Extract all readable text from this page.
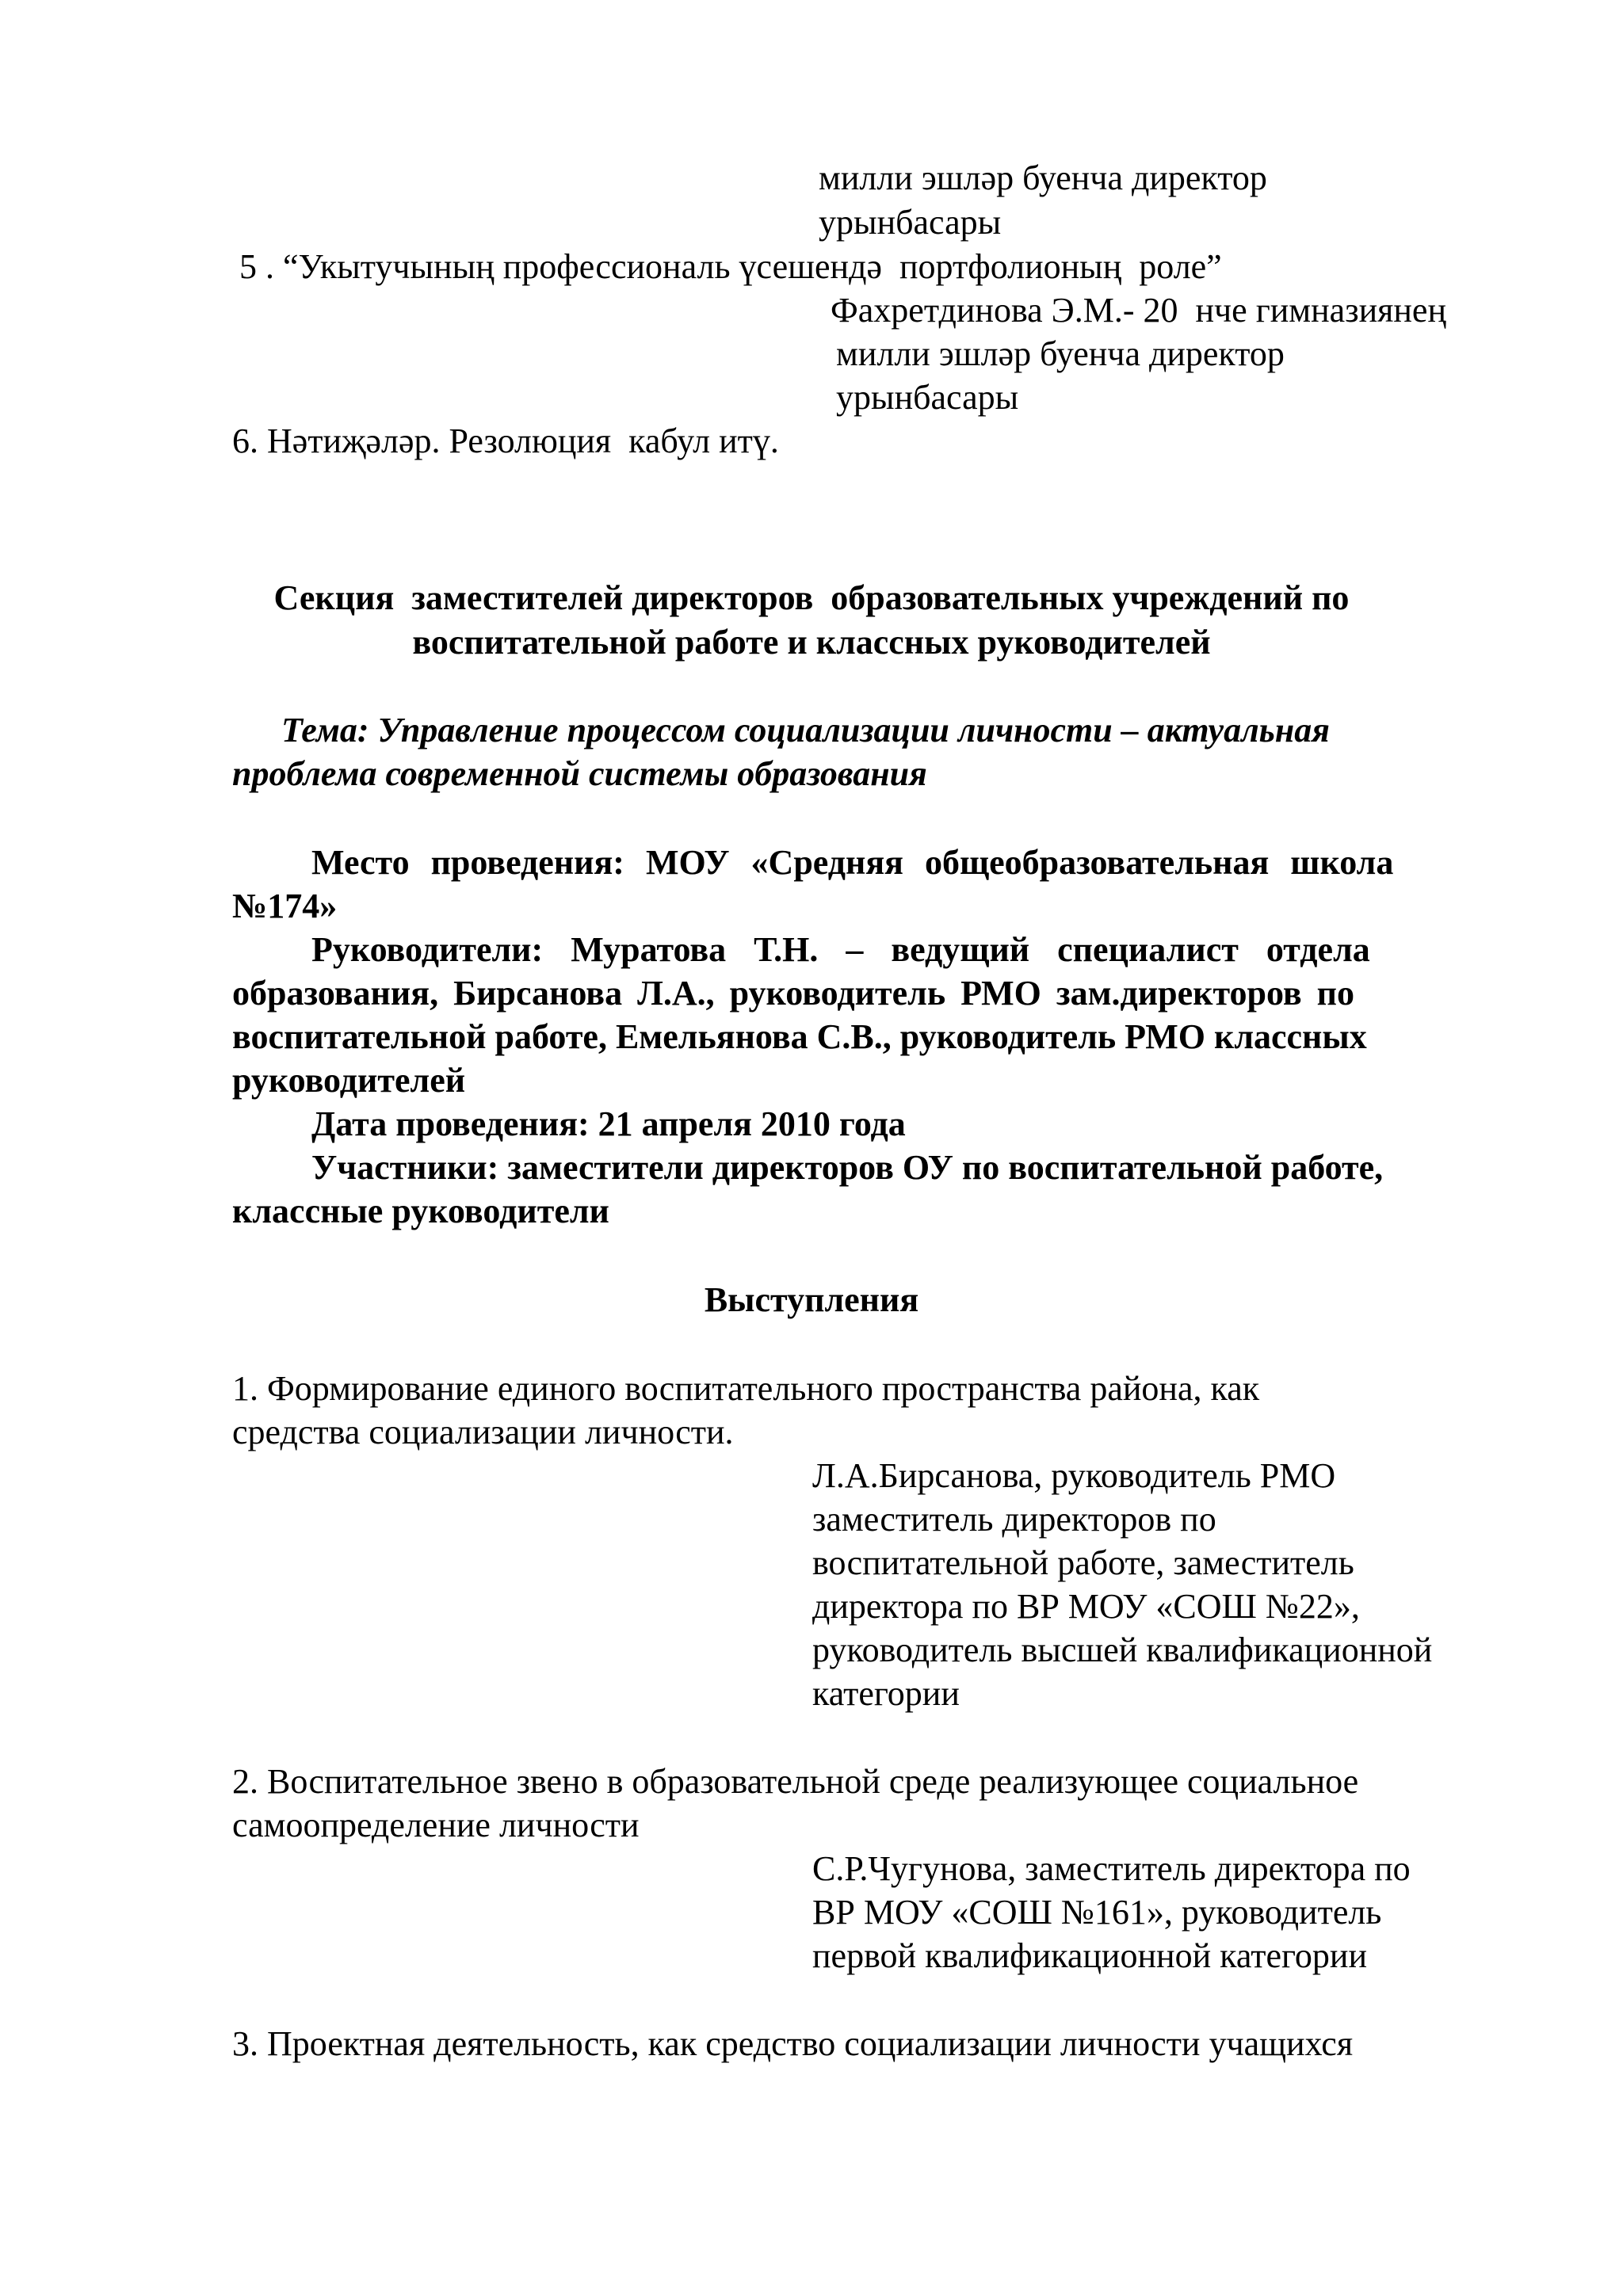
милли эшләр буенча директор
урынбасары
5 . “Укытучының профессиональ үсешендә  портфолионың  роле”
Фахретдинова Э.М.- 20  нче гимназиянең
милли эшләр буенча директор
урынбасары
6. Нәтиҗәләр. Резолюция  кабул итү.
Секция  заместителей директоров  образовательных учреждений по
воспитательной работе и классных руководителей
Тема: Управление процессом социализации личности – актуальная
проблема современной системы образования
Место проведения: МОУ «Средняя общеобразовательная школа
№174»
Руководители: Муратова Т.Н. – ведущий специалист отдела
образования, Бирсанова Л.А., руководитель РМО зам.директоров по
воспитательной работе, Емельянова С.В., руководитель РМО классных
руководителей
Дата проведения: 21 апреля 2010 года
Участники: заместители директоров ОУ по воспитательной работе,
классные руководители
Выступления
1. Формирование единого воспитательного пространства района, как
средства социализации личности.
Л.А.Бирсанова, руководитель РМО
заместитель директоров по
воспитательной работе, заместитель
директора по ВР МОУ «СОШ №22»,
руководитель высшей квалификационной
категории
2. Воспитательное звено в образовательной среде реализующее социальное
самоопределение личности
С.Р.Чугунова, заместитель директора по
ВР МОУ «СОШ №161», руководитель
первой квалификационной категории
3. Проектная деятельность, как средство социализации личности учащихся
